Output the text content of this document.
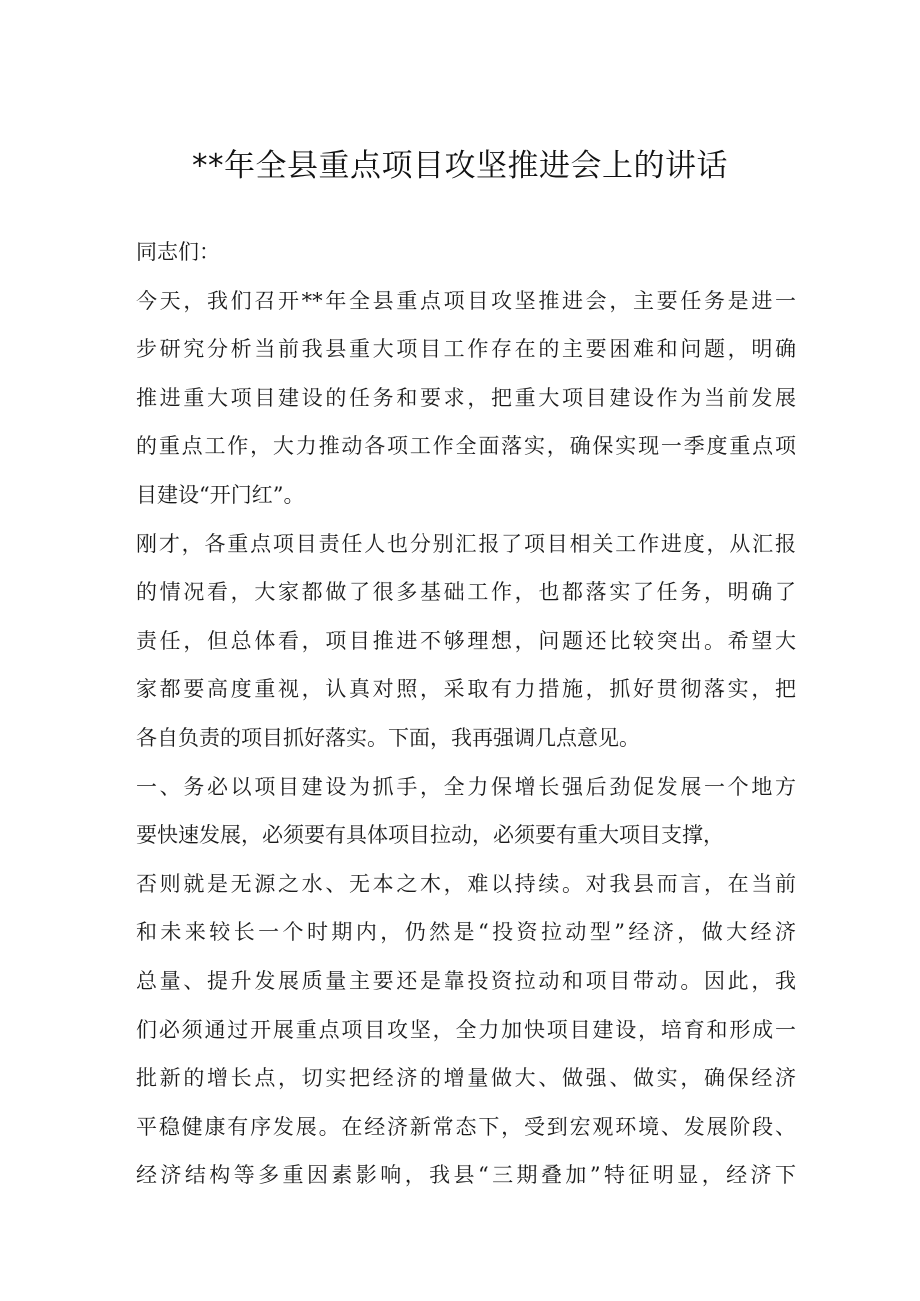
**年全县重点项目攻坚推进会上的讲话
同志们：
今天，我们召开**年全县重点项目攻坚推进会，主要任务是进一
步研究分析当前我县重大项目工作存在的主要困难和问题，明确
推进重大项目建设的任务和要求，把重大项目建设作为当前发展
的重点工作，大力推动各项工作全面落实，确保实现一季度重点项
目建设“开门红”。
刚才，各重点项目责任人也分别汇报了项目相关工作进度，从汇报
的情况看，大家都做了很多基础工作，也都落实了任务，明确了
责任，但总体看，项目推进不够理想，问题还比较突出。希望大
家都要高度重视，认真对照，采取有力措施，抓好贯彻落实，把
各自负责的项目抓好落实。下面，我再强调几点意见。
一、务必以项目建设为抓手，全力保增长强后劲促发展一个地方
要快速发展，必须要有具体项目拉动，必须要有重大项目支撑，
否则就是无源之水、无本之木，难以持续。对我县而言，在当前
和未来较长一个时期内，仍然是“投资拉动型”经济，做大经济
总量、提升发展质量主要还是靠投资拉动和项目带动。因此，我
们必须通过开展重点项目攻坚，全力加快项目建设，培育和形成一
批新的增长点，切实把经济的增量做大、做强、做实，确保经济
平稳健康有序发展。在经济新常态下，受到宏观环境、发展阶段、
经济结构等多重因素影响，我县“三期叠加”特征明显，经济下
